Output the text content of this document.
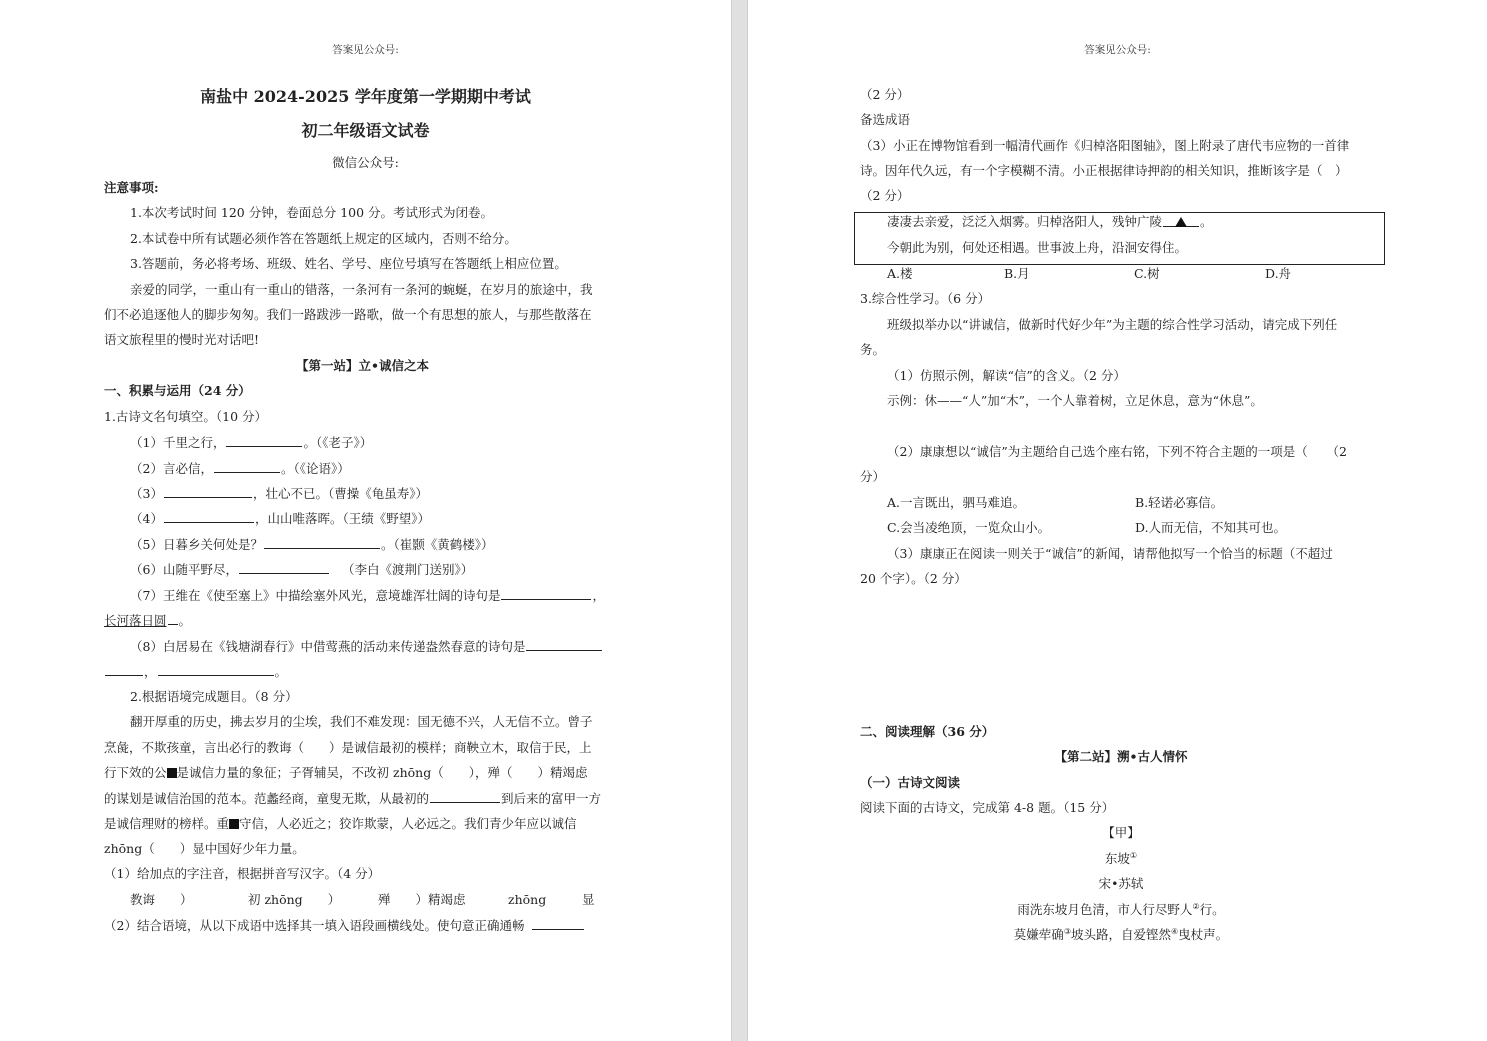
答案见公众号:
南盐中 2024-2025 学年度第一学期期中考试
初二年级语文试卷
微信公众号:
注意事项:
1.本次考试时间 120 分钟，卷面总分 100 分。考试形式为闭卷。
2.本试卷中所有试题必须作答在答题纸上规定的区域内，否则不给分。
3.答题前，务必将考场、班级、姓名、学号、座位号填写在答题纸上相应位置。
亲爱的同学，一重山有一重山的错落，一条河有一条河的蜿蜒，在岁月的旅途中，我
们不必追逐他人的脚步匆匆。我们一路跋涉一路歌，做一个有思想的旅人，与那些散落在
语文旅程里的慢时光对话吧!
【第一站】立•诚信之本
一、积累与运用（24 分）
1.古诗文名句填空。（10 分）
（1）千里之行，	。（《老子》）
（2）言必信，	。（《论语》）
（3）	，壮心不已。（曹操《龟虽寿》）
（4）	，山山唯落晖。（王绩《野望》）
（5）日暮乡关何处是？	。（崔颢《黄鹤楼》）
（6）山随平野尽，	（李白《渡荆门送别》）
（7）王维在《使至塞上》中描绘塞外风光，意境雄浑壮阔的诗句是	，
长河落日圆 。
（8）白居易在《钱塘湖春行》中借莺燕的活动来传递盎然春意的诗句是
，	。
2.根据语境完成题目。（8 分）
翻开厚重的历史，拂去岁月的尘埃，我们不难发现：国无德不兴，人无信不立。曾子
烹彘，不欺孩童，言出必行的教诲（　　）是诚信最初的模样；商鞅立木，取信于民，上
行下效的公 是诚信力量的象征；子胥辅吴，不改初 zhōng（　　），殚（　　）精竭虑
的谋划是诚信治国的范本。范蠡经商，童叟无欺，从最初的	到后来的富甲一方
是诚信理财的榜样。重 守信，人必近之；狡诈欺蒙，人必远之。我们青少年应以诚信
zhōng（　　）显中国好少年力量。
（1）给加点的字注音，根据拼音写汉字。（4 分）
教诲　　）	初 zhōng　　）	殚　　）精竭虑	zhōng	显
（2）结合语境，从以下成语中选择其一填入语段画横线处。使句意正确通畅
答案见公众号:
（2 分）
备选成语
（3）小正在博物馆看到一幅清代画作《归棹洛阳图轴》，图上附录了唐代韦应物的一首律
诗。因年代久远，有一个字模糊不清。小正根据律诗押韵的相关知识，推断该字是（　）
（2 分）
凄凄去亲爱，泛泛入烟雾。归棹洛阳人，残钟广陵	。
今朝此为别，何处还相遇。世事波上舟，沿洄安得住。
A.楼	B.月	C.树	D.舟
3.综合性学习。（6 分）
班级拟举办以“讲诚信，做新时代好少年”为主题的综合性学习活动，请完成下列任
务。
（1）仿照示例，解读“信”的含义。（2 分）
示例：休——“人”加“木”，一个人靠着树，立足休息，意为“休息”。
（2）康康想以“诚信”为主题给自己选个座右铭，下列不符合主题的一项是（　　（2
分）
A.一言既出，驷马难追。	B.轻诺必寡信。
C.会当凌绝顶，一览众山小。	D.人而无信，不知其可也。
（3）康康正在阅读一则关于“诚信”的新闻，请帮他拟写一个恰当的标题（不超过
20 个字）。（2 分）
二、阅读理解（36 分）
【第二站】溯•古人情怀
（一）古诗文阅读
阅读下面的古诗文，完成第 4-8 题。（15 分）
【甲】
东坡①
宋•苏轼
雨洗东坡月色清，市人行尽野人②行。
莫嫌荦确③坡头路，自爱铿然④曳杖声。
